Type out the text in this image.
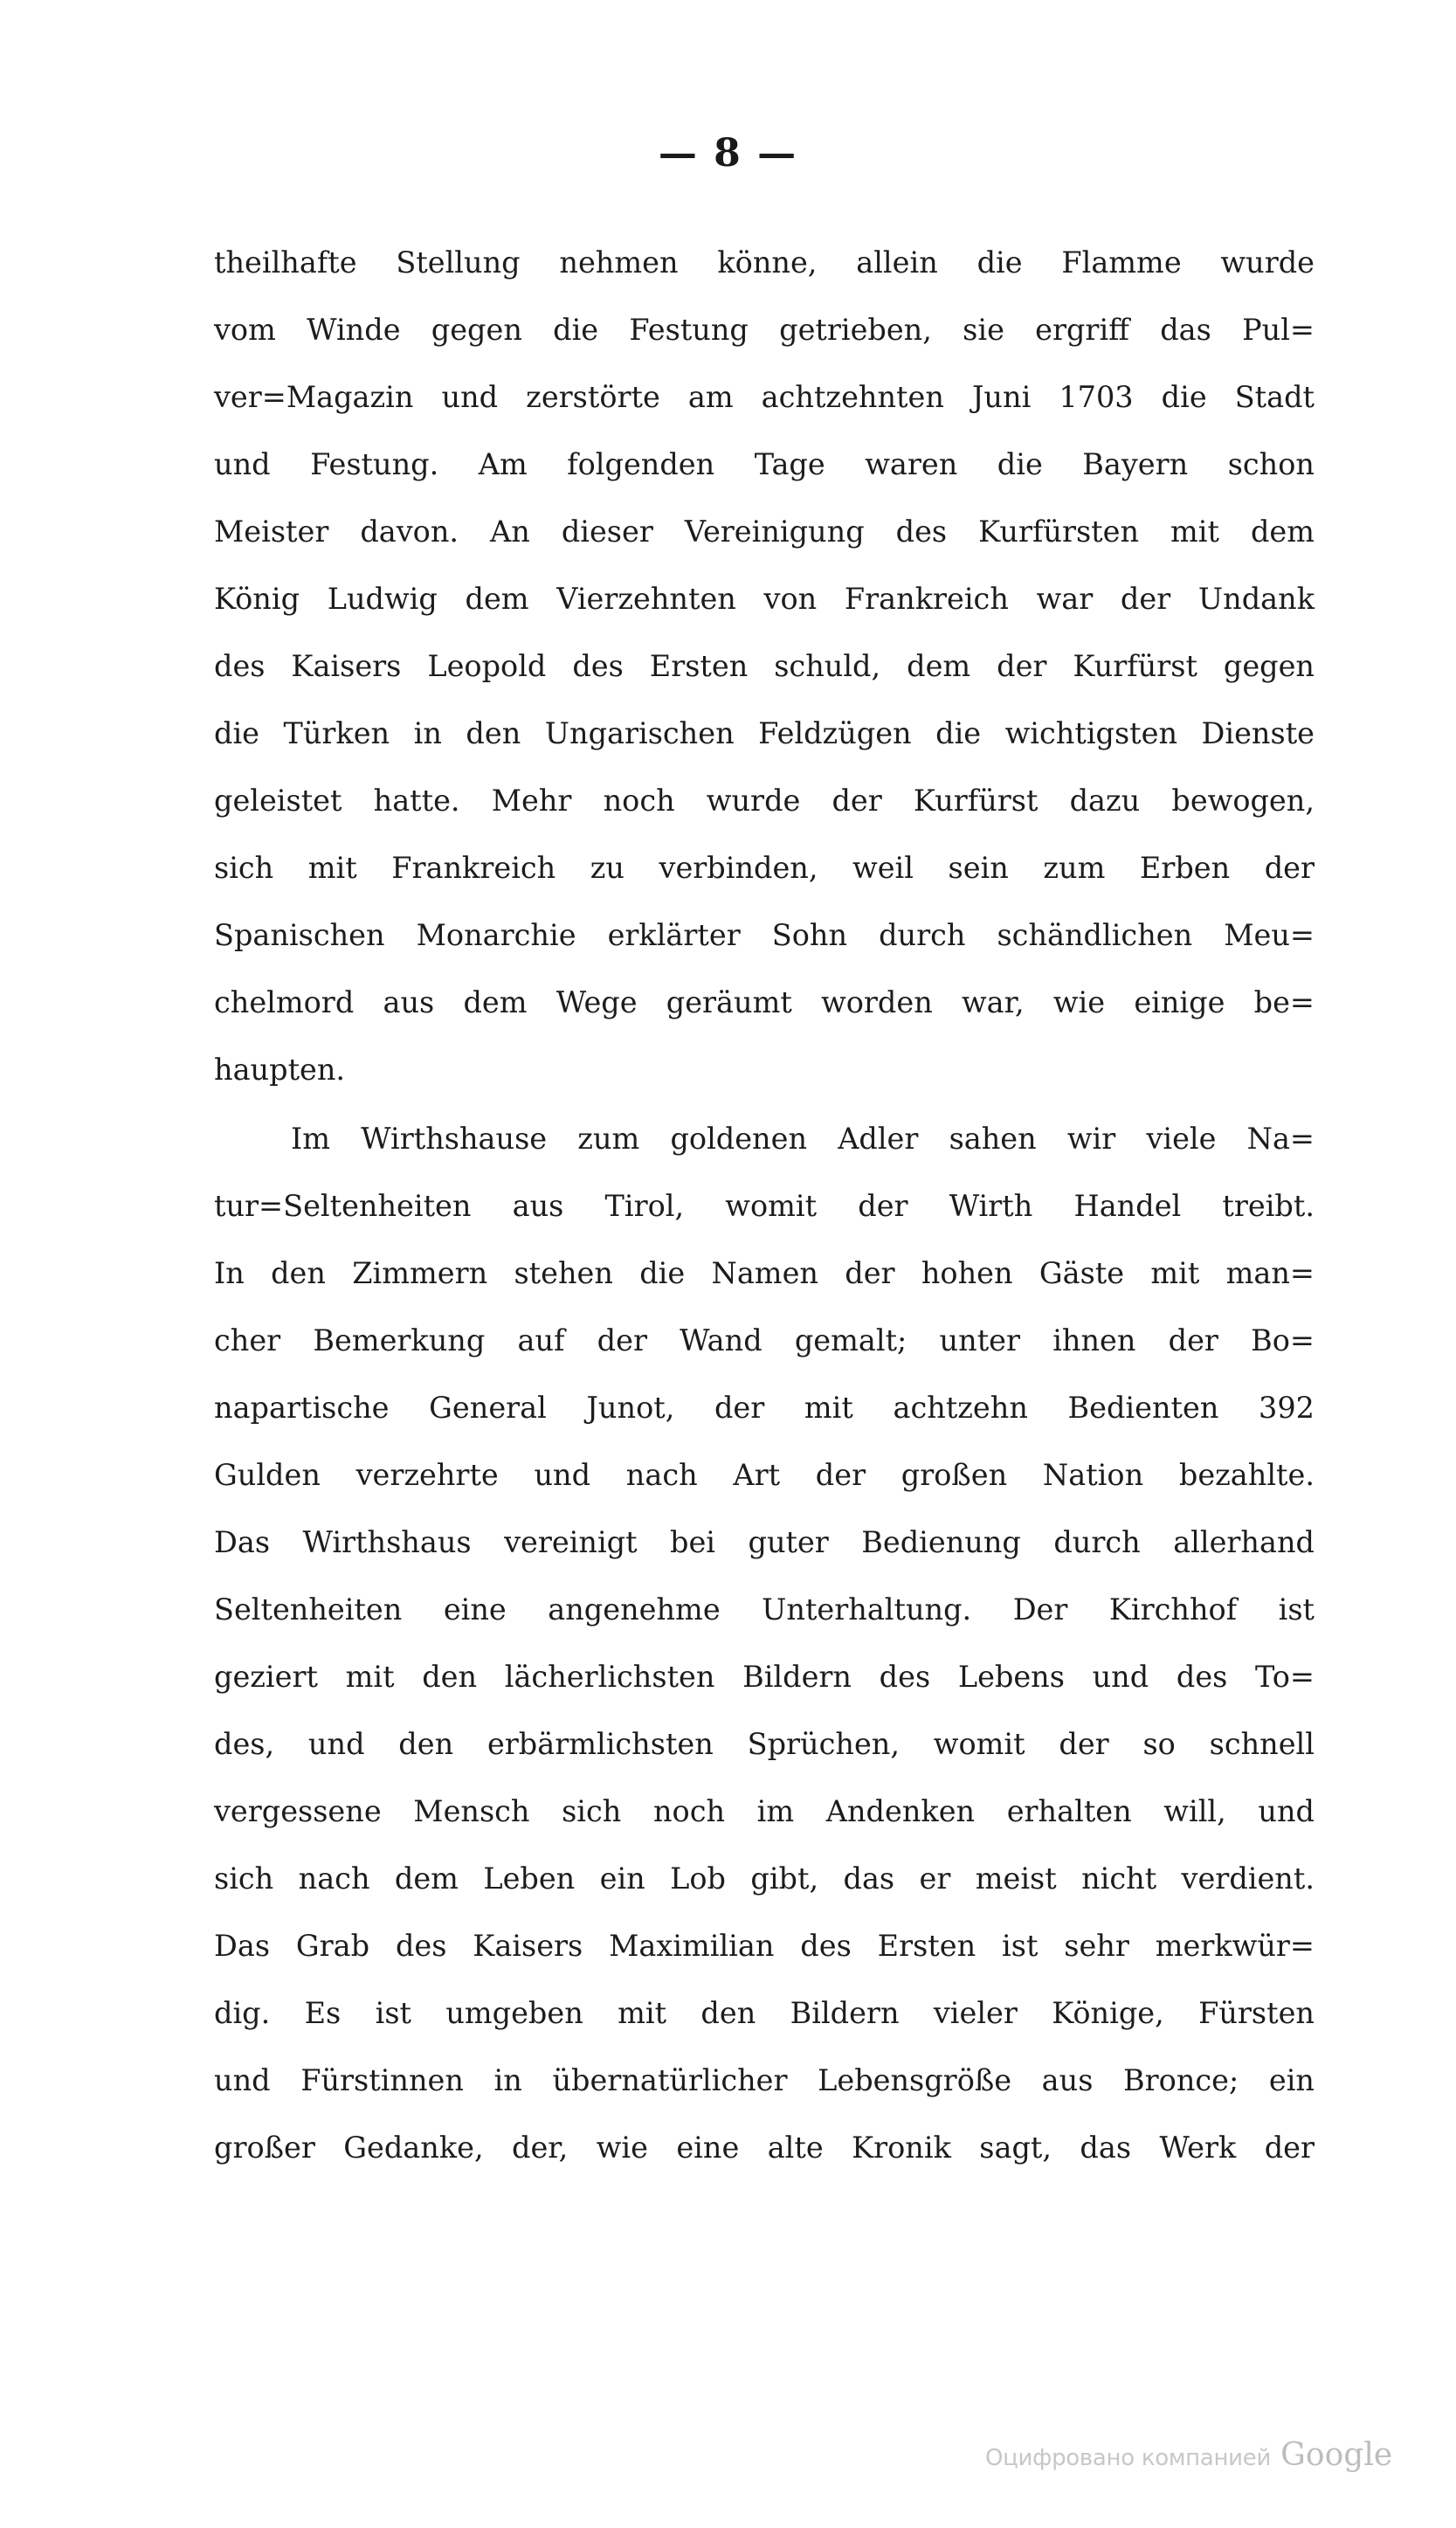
— 8 —
theilhafte Stellung nehmen könne, allein die Flamme wurde
vom Winde gegen die Festung getrieben, sie ergriff das Pul=
ver=Magazin und zerstörte am achtzehnten Juni 1703 die Stadt
und Festung. Am folgenden Tage waren die Bayern schon
Meister davon. An dieser Vereinigung des Kurfürsten mit dem
König Ludwig dem Vierzehnten von Frankreich war der Undank
des Kaisers Leopold des Ersten schuld, dem der Kurfürst gegen
die Türken in den Ungarischen Feldzügen die wichtigsten Dienste
geleistet hatte. Mehr noch wurde der Kurfürst dazu bewogen,
sich mit Frankreich zu verbinden, weil sein zum Erben der
Spanischen Monarchie erklärter Sohn durch schändlichen Meu=
chelmord aus dem Wege geräumt worden war, wie einige be=
haupten.
Im Wirthshause zum goldenen Adler sahen wir viele Na=
tur=Seltenheiten aus Tirol, womit der Wirth Handel treibt.
In den Zimmern stehen die Namen der hohen Gäste mit man=
cher Bemerkung auf der Wand gemalt; unter ihnen der Bo=
napartische General Junot, der mit achtzehn Bedienten 392
Gulden verzehrte und nach Art der großen Nation bezahlte.
Das Wirthshaus vereinigt bei guter Bedienung durch allerhand
Seltenheiten eine angenehme Unterhaltung. Der Kirchhof ist
geziert mit den lächerlichsten Bildern des Lebens und des To=
des, und den erbärmlichsten Sprüchen, womit der so schnell
vergessene Mensch sich noch im Andenken erhalten will, und
sich nach dem Leben ein Lob gibt, das er meist nicht verdient.
Das Grab des Kaisers Maximilian des Ersten ist sehr merkwür=
dig. Es ist umgeben mit den Bildern vieler Könige, Fürsten
und Fürstinnen in übernatürlicher Lebensgröße aus Bronce; ein
großer Gedanke, der, wie eine alte Kronik sagt, das Werk der
Оцифровано компанией Google
